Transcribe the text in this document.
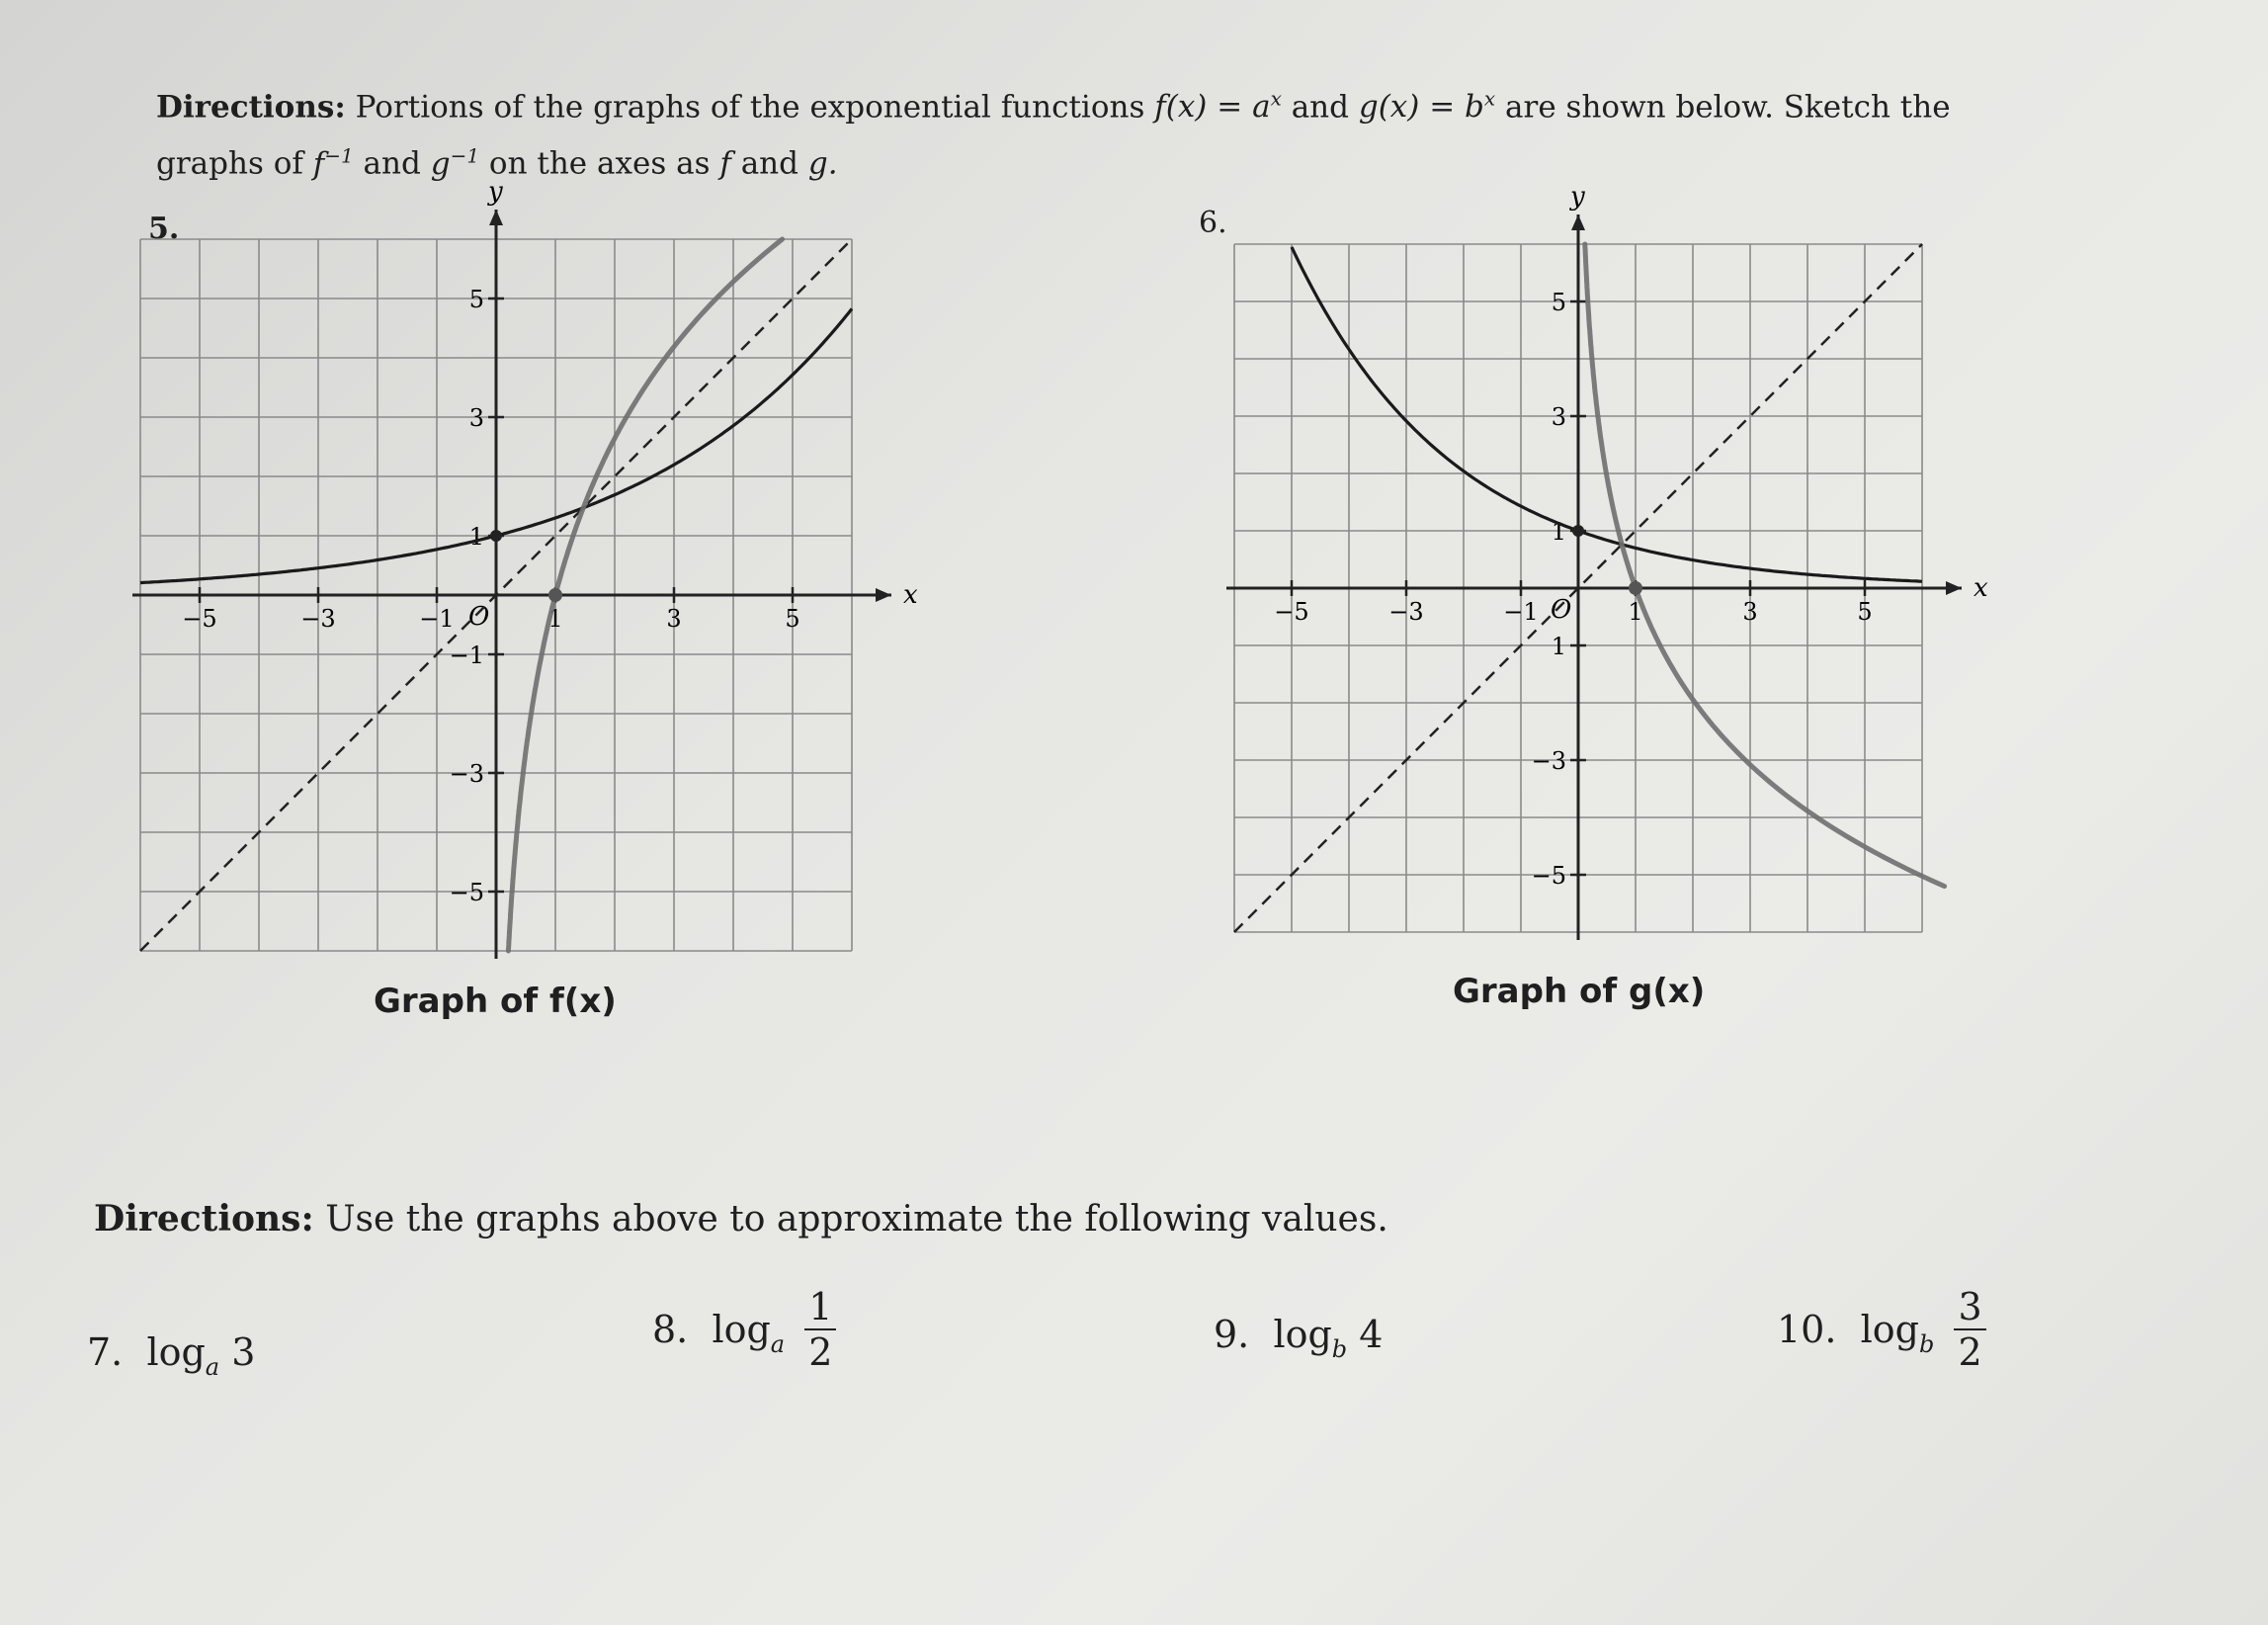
Directions: Portions of the graphs of the exponential functions $f(x) = a^x$ and $g(x) = b^x$ are shown below. Sketch the
graphs of $f^{-1}$ and $g^{-1}$ on the axes as f and g.
5.
x
y
O
−5	−3	−1	1	3	5
5
3
1
−1
−3
−5
Graph of f(x)
6.
x
y
O
−5	−3	−1	1	3	5
5
3
1
1
−3
−5
Graph of g(x)
Directions: Use the graphs above to approximate the following values.
7. $\log_a 3$
8. $\log_a \frac{1}{2}$	9. $\log_b 4$	10. $\log_b \frac{3}{2}$
